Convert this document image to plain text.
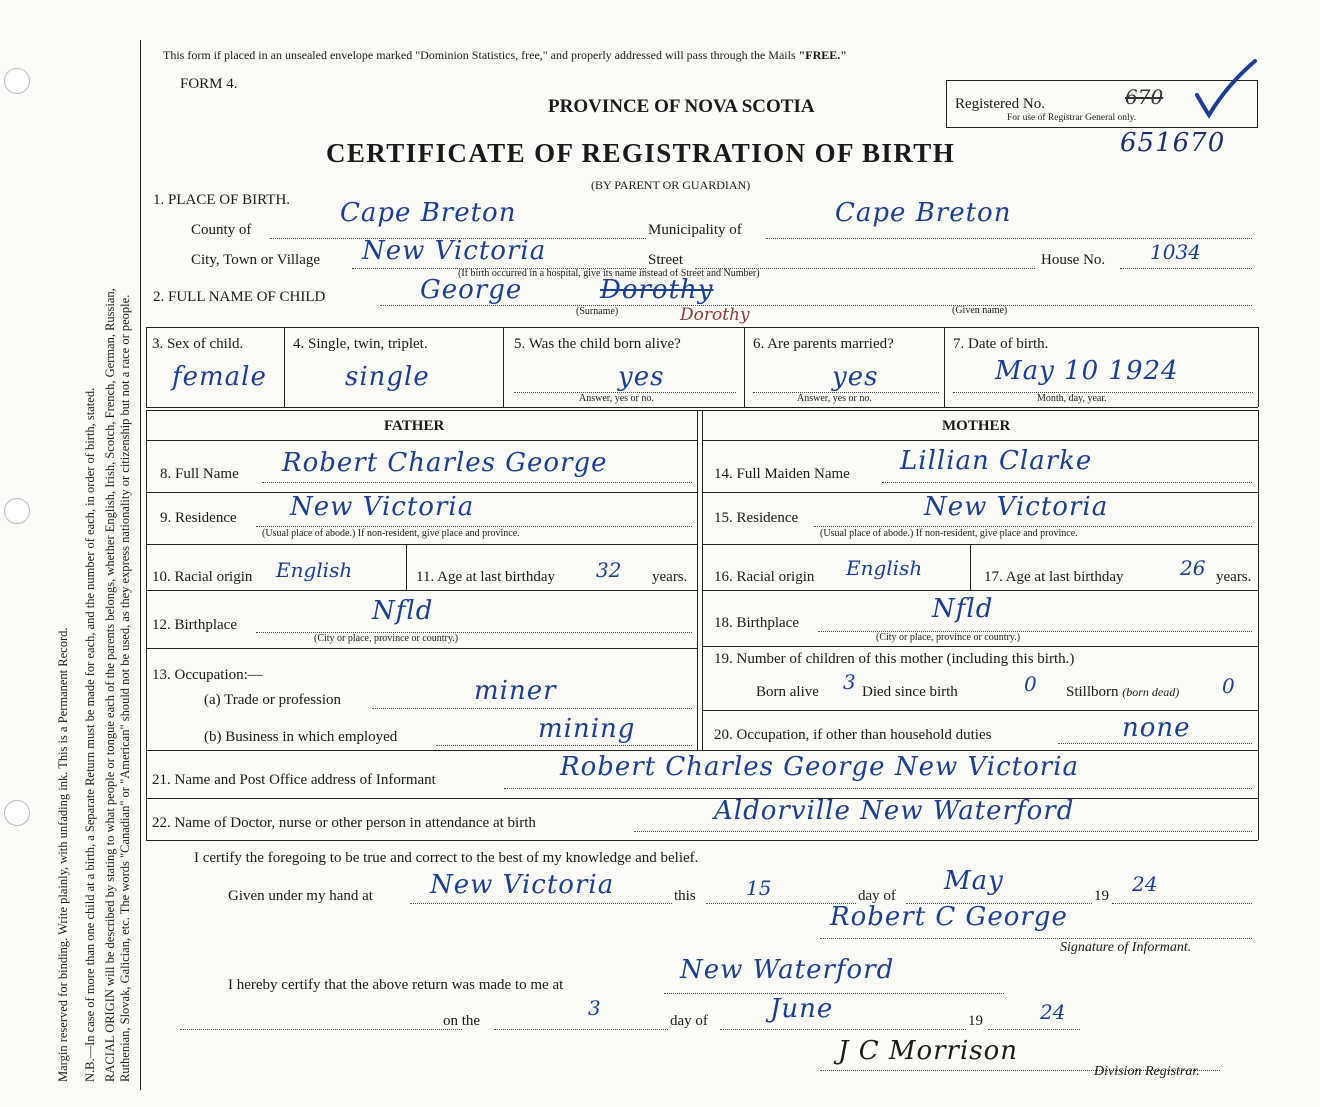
Margin reserved for binding. Write plainly, with unfading ink. This is a Permanent Record. N.B.—In case of more than one child at a birth, a Separate Return must be made for each, and the number of each, in order of birth, stated. RACIAL ORIGIN will be described by stating to what people or tongue each of the parents belongs, whether English, Irish, Scotch, French, German, Russian, Ruthenian, Slovak, Galician, etc. The words "Canadian" or "American" should not be used, as they express nationality or citizenship but not a race or people.
This form if placed in an unsealed envelope marked "Dominion Statistics, free," and properly addressed will pass through the Mails "FREE."
FORM 4.
PROVINCE OF NOVA SCOTIA	Registered No.	670
For use of Registrar General only.
CERTIFICATE OF REGISTRATION OF BIRTH	651670
(BY PARENT OR GUARDIAN)
1. PLACE OF BIRTH.
County of
Cape Breton
Municipality of
Cape Breton
City, Town or Village New Victoria	Street	House No. 1034
(If birth occurred in a hospital, give its name instead of Street and Number)
2. FULL NAME OF CHILD	George	Dorothy
Dorothy
(Surname)	(Given name)
3. Sex of child.
female
4. Single, twin, triplet.
single
5. Was the child born alive?
yes
Answer, yes or no.
6. Are parents married?
yes
Answer, yes or no.
7. Date of birth.
May 10 1924
Month, day, year.
FATHER	MOTHER
8. Full Name Robert Charles George
9. Residence New Victoria
(Usual place of abode.) If non-resident, give place and province.
10. Racial origin English	11. Age at last birthday 32 years.
12. Birthplace	Nfld
(City or place, province or country.)
13. Occupation:—
(a) Trade or profession	miner
(b) Business in which employed	mining
14. Full Maiden Name Lillian Clarke
15. Residence	New Victoria
(Usual place of abode.) If non-resident, give place and province.
16. Racial origin English	17. Age at last birthday	26 years.
18. Birthplace	Nfld
(City or place, province or country.)
19. Number of children of this mother (including this birth.)
Born alive 3 Died since birth	0 Stillborn (born dead) 0
20. Occupation, if other than household duties	none
21. Name and Post Office address of Informant	Robert Charles George New Victoria
22. Name of Doctor, nurse or other person in attendance at birth	Aldorville New Waterford
I certify the foregoing to be true and correct to the best of my knowledge and belief.
Given under my hand at New Victoria	this	15	day of May	19 24
Robert C George
Signature of Informant.
I hereby certify that the above return was made to me at	New Waterford
on the
3
day of June	19	24
J C Morrison
Division Registrar.
